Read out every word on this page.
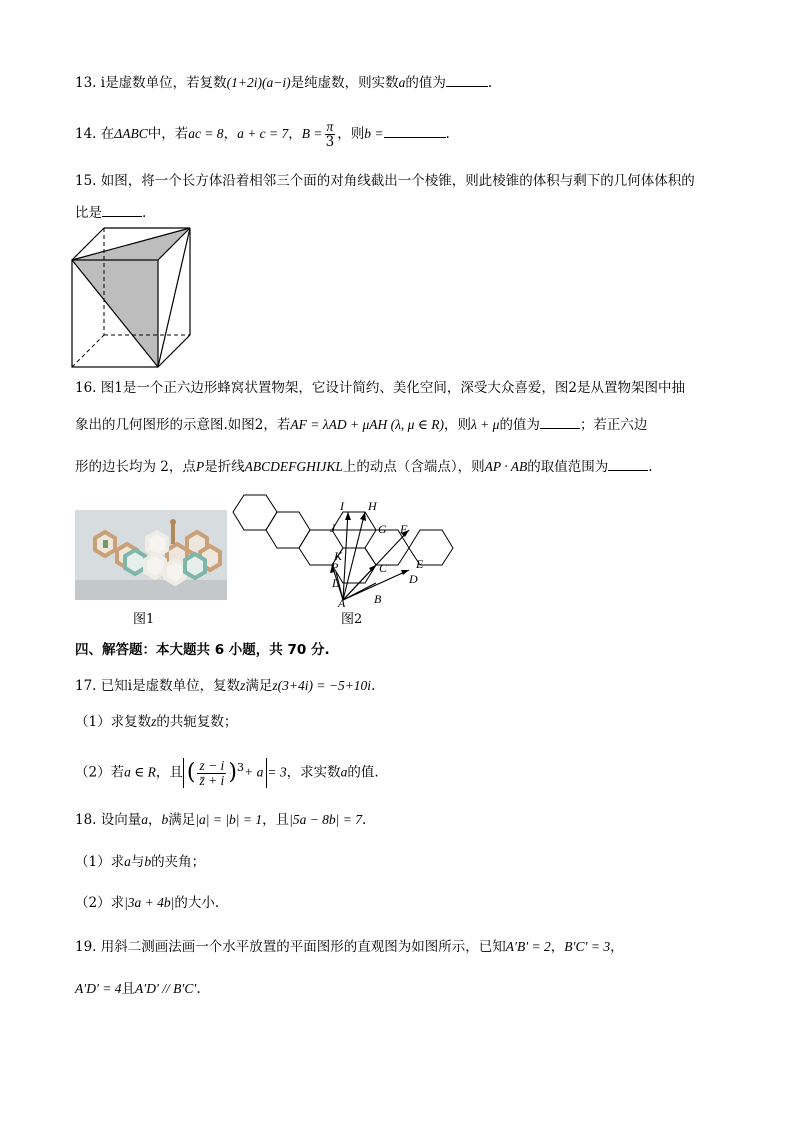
13. i是虚数单位，若复数(1+2i)(a−i)是纯虚数，则实数a的值为	.
14. 在ΔABC中，若ac = 8，a + c = 7，$B = \frac{\pi}{3}$ ，则b =	.
15. 如图，将一个长方体沿着相邻三个面的对角线截出一个棱锥，则此棱锥的体积与剩下的几何体体积的
比是	.
16. 图1是一个正六边形蜂窝状置物架，它设计简约、美化空间，深受大众喜爱，图2是从置物架图中抽
象出的几何图形的示意图.如图2，若AF = λAD + μAH (λ, μ ∈ R)，则λ + μ的值为	；若正六边
形的边长均为 2，点P是折线ABCDEFGHIJKL上的动点（含端点），则AP · AB的取值范围为	.
图1
I H
J	G F
K
P
L
C E
D
A B
图2
四、解答题：本大题共 6 小题，共 70 分.
17. 已知i是虚数单位，复数z满足z(3+4i) = −5+10i.
（1）求复数z的共轭复数；
（2）若a ∈ R，且 ( $\frac{z - i}{z̄ + i} )^3+ a = 3$，求实数a的值.
18. 设向量a，b满足|a| = |b| = 1，且|5a − 8b| = 7.
（1）求a与b的夹角；
（2）求|3a + 4b|的大小.
19. 用斜二测画法画一个水平放置的平面图形的直观图为如图所示，已知A′B′ = 2，B′C′ = 3，
A′D′ = 4且A′D′ // B′C′.
